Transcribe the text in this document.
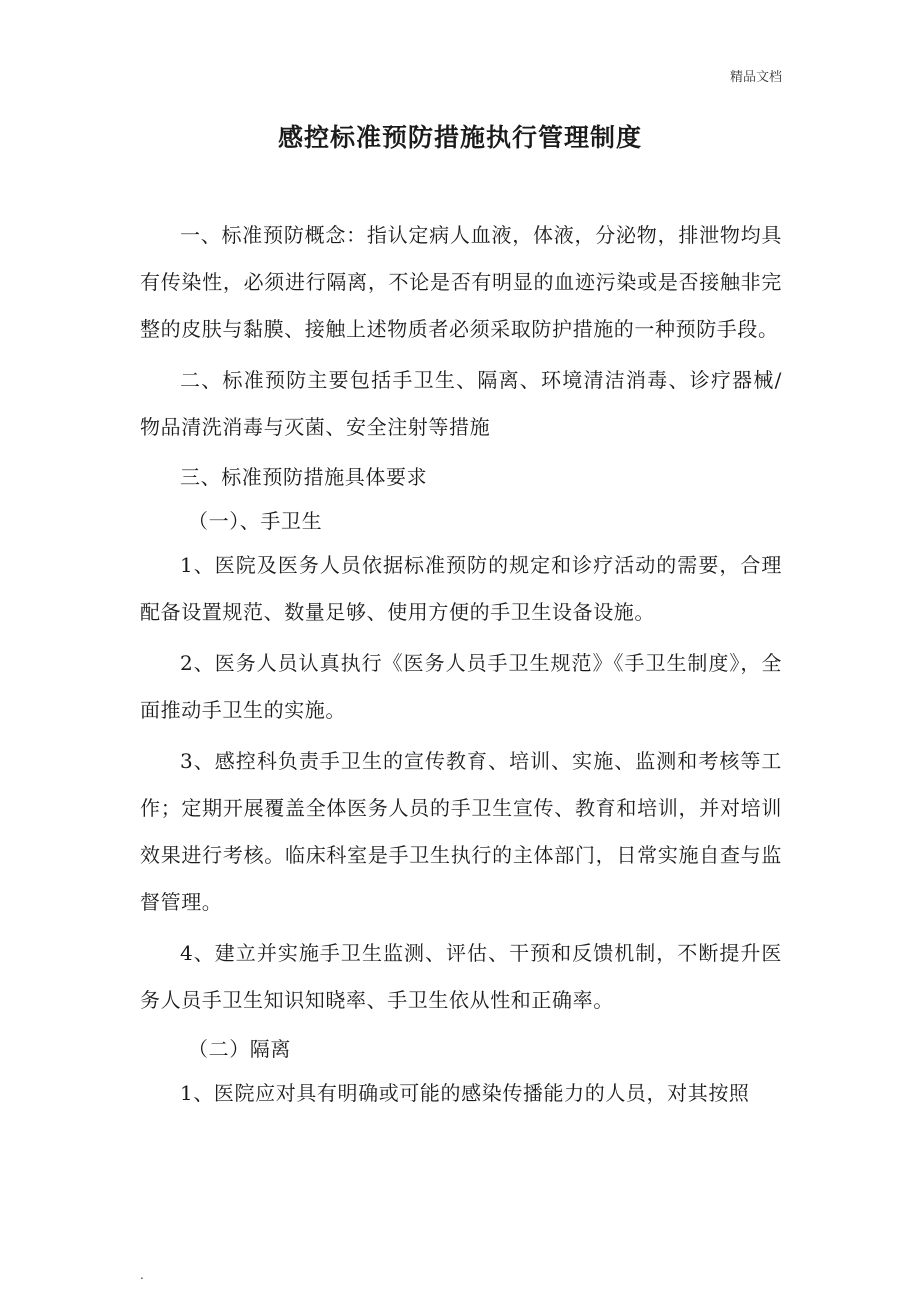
精品文档
感控标准预防措施执行管理制度

一、标准预防概念：指认定病人血液，体液，分泌物，排泄物均具有传染性，必须进行隔离，不论是否有明显的血迹污染或是否接触非完整的皮肤与黏膜、接触上述物质者必须采取防护措施的一种预防手段。

二、标准预防主要包括手卫生、隔离、环境清洁消毒、诊疗器械/物品清洗消毒与灭菌、安全注射等措施

三、标准预防措施具体要求

（一）、手卫生

1、医院及医务人员依据标准预防的规定和诊疗活动的需要，合理配备设置规范、数量足够、使用方便的手卫生设备设施。

2、医务人员认真执行《医务人员手卫生规范》《手卫生制度》，全面推动手卫生的实施。

3、感控科负责手卫生的宣传教育、培训、实施、监测和考核等工作；定期开展覆盖全体医务人员的手卫生宣传、教育和培训，并对培训效果进行考核。临床科室是手卫生执行的主体部门，日常实施自查与监督管理。

4、建立并实施手卫生监测、评估、干预和反馈机制，不断提升医务人员手卫生知识知晓率、手卫生依从性和正确率。

（二）隔离

1、医院应对具有明确或可能的感染传播能力的人员，对其按照

.
